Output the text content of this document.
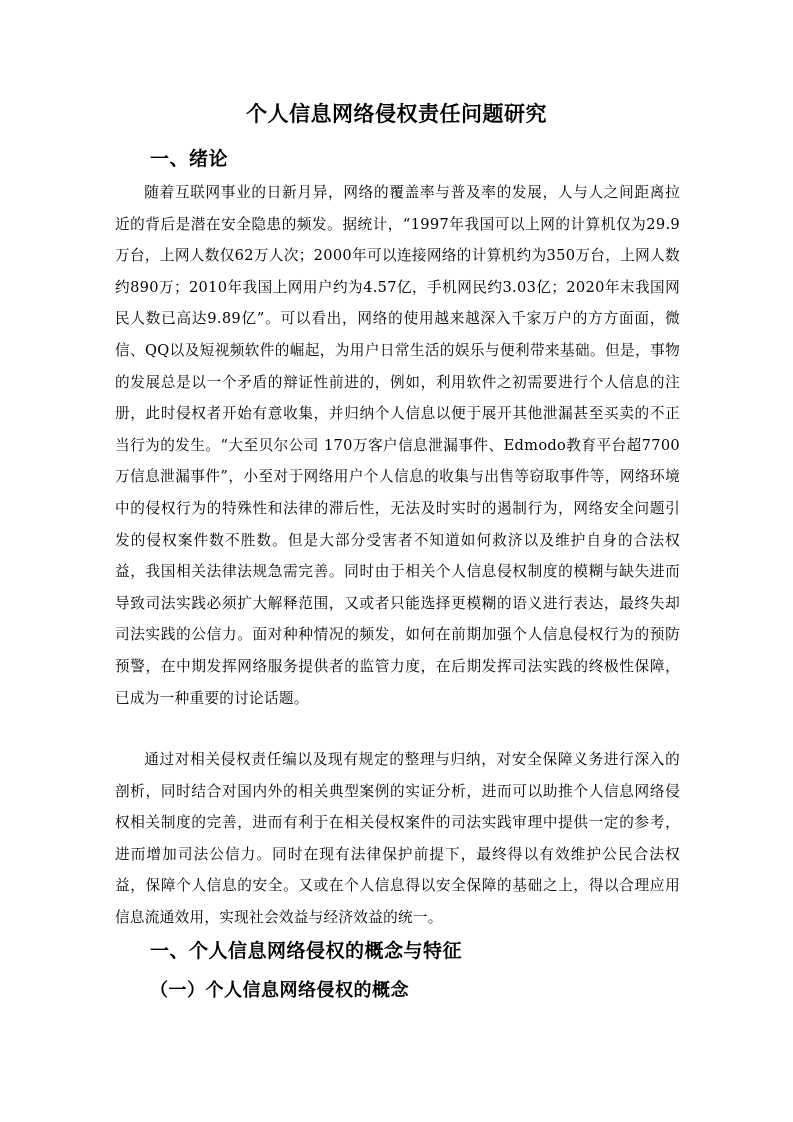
个人信息网络侵权责任问题研究
一、绪论

随着互联网事业的日新月异，网络的覆盖率与普及率的发展，人与人之间距离拉近的背后是潜在安全隐患的频发。据统计，“1997年我国可以上网的计算机仅为29.9万台，上网人数仅62万人次；2000年可以连接网络的计算机约为350万台，上网人数约890万；2010年我国上网用户约为4.57亿，手机网民约3.03亿；2020年末我国网民人数已高达9.89亿”。可以看出，网络的使用越来越深入千家万户的方方面面，微信、QQ以及短视频软件的崛起，为用户日常生活的娱乐与便利带来基础。但是，事物的发展总是以一个矛盾的辩证性前进的，例如，利用软件之初需要进行个人信息的注册，此时侵权者开始有意收集，并归纳个人信息以便于展开其他泄漏甚至买卖的不正当行为的发生。“大至贝尔公司 170万客户信息泄漏事件、Edmodo教育平台超7700万信息泄漏事件”，小至对于网络用户个人信息的收集与出售等窃取事件等，网络环境中的侵权行为的特殊性和法律的滞后性，无法及时实时的遏制行为，网络安全问题引发的侵权案件数不胜数。但是大部分受害者不知道如何救济以及维护自身的合法权益，我国相关法律法规急需完善。同时由于相关个人信息侵权制度的模糊与缺失进而导致司法实践必须扩大解释范围，又或者只能选择更模糊的语义进行表达，最终失却司法实践的公信力。面对种种情况的频发，如何在前期加强个人信息侵权行为的预防预警，在中期发挥网络服务提供者的监管力度，在后期发挥司法实践的终极性保障，已成为一种重要的讨论话题。

通过对相关侵权责任编以及现有规定的整理与归纳，对安全保障义务进行深入的剖析，同时结合对国内外的相关典型案例的实证分析，进而可以助推个人信息网络侵权相关制度的完善，进而有利于在相关侵权案件的司法实践审理中提供一定的参考，进而增加司法公信力。同时在现有法律保护前提下，最终得以有效维护公民合法权益，保障个人信息的安全。又或在个人信息得以安全保障的基础之上，得以合理应用信息流通效用，实现社会效益与经济效益的统一。

一、个人信息网络侵权的概念与特征
（一）个人信息网络侵权的概念
